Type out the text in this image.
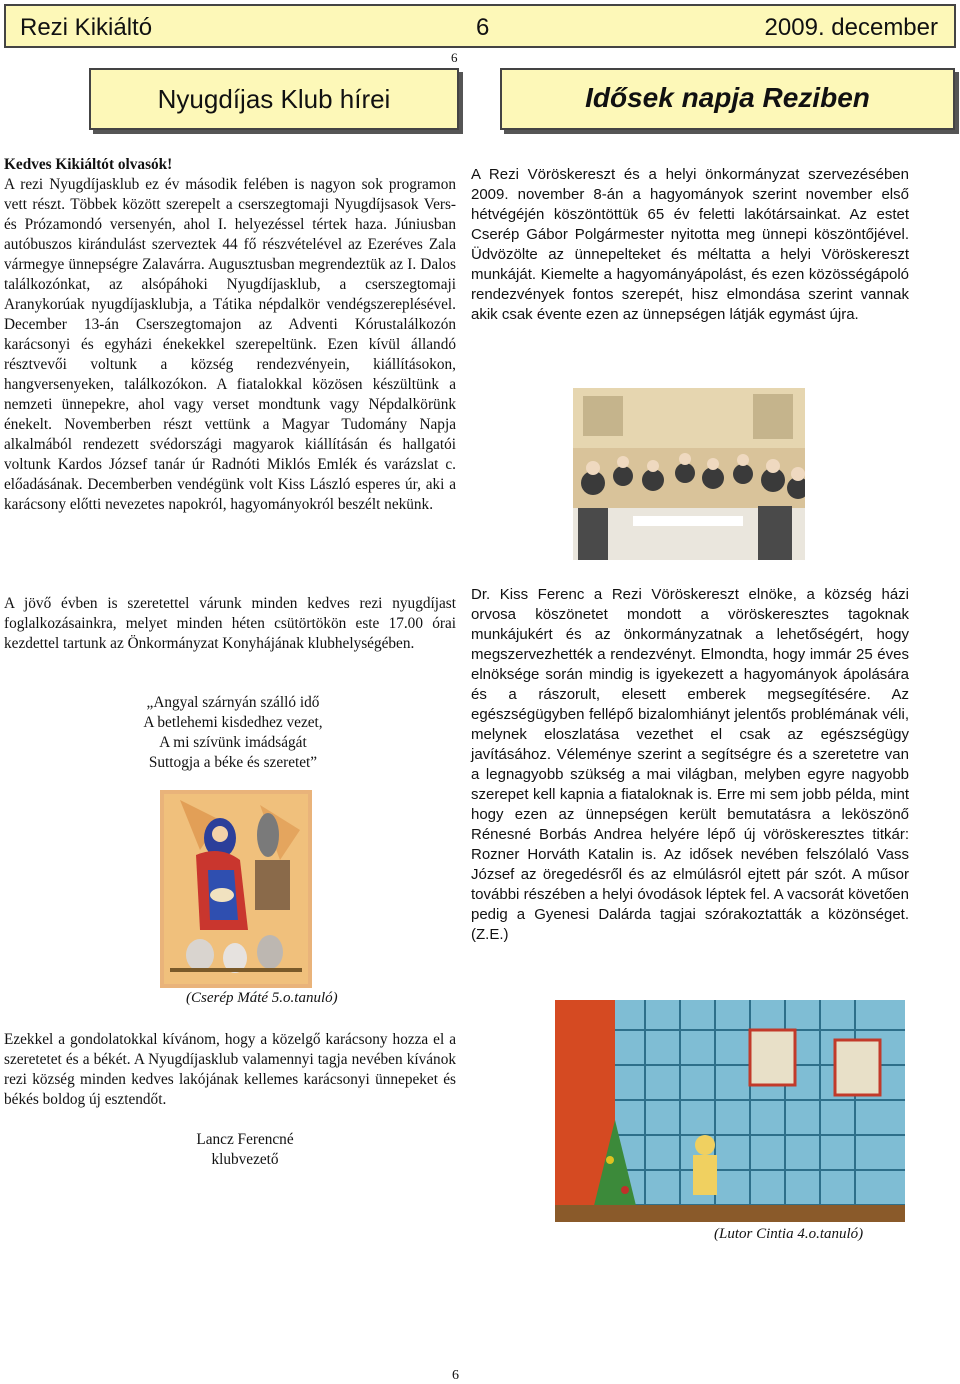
Rezi Kikiáltó	6	2009. december
6
Nyugdíjas Klub hírei	Idősek napja Reziben

Kedves Kikiáltót olvasók!

A rezi Nyugdíjasklub ez év második felében is nagyon sok programon vett részt. Többek között szerepelt a cserszegtomaji Nyugdíjsasok Vers- és Prózamondó versenyén, ahol I. helyezéssel tértek haza. Júniusban autóbuszos kirándulást szerveztek 44 fő részvételével az Ezeréves Zala vármegye ünnepségre Zalavárra. Augusztusban megrendeztük az I. Dalos találkozónkat, az alsópáhoki Nyugdíjasklub, a cserszegtomaji Aranykorúak nyugdíjasklubja, a Tátika népdalkör vendégszereplésével. December 13-án Cserszegtomajon az Adventi Kórustalálkozón karácsonyi és egyházi énekekkel szerepeltünk. Ezen kívül állandó résztvevői voltunk a község rendezvényein, kiállításokon, hangversenyeken, találkozókon. A fiatalokkal közösen készültünk a nemzeti ünnepekre, ahol vagy verset mondtunk vagy Népdalkörünk énekelt. Novemberben részt vettünk a Magyar Tudomány Napja alkalmából rendezett svédországi magyarok kiállításán és hallgatói voltunk Kardos József tanár úr Radnóti Miklós Emlék és varázslat c. előadásának. Decemberben vendégünk volt Kiss László esperes úr, aki a karácsony előtti nevezetes napokról, hagyományokról beszélt nekünk.

A jövő évben is szeretettel várunk minden kedves rezi nyugdíjast foglalkozásainkra, melyet minden héten csütörtökön este 17.00 órai kezdettel tartunk az Önkormányzat Konyhájának klubhelységében.

„Angyal szárnyán szálló idő
A betlehemi kisdedhez vezet,
A mi szívünk imádságát
Suttogja a béke és szeretet”
(Cserép Máté 5.o.tanuló)

Ezekkel a gondolatokkal kívánom, hogy a közelgő karácsony hozza el a szeretetet és a békét. A Nyugdíjasklub valamennyi tagja nevében kívánok rezi község minden kedves lakójának kellemes karácsonyi ünnepeket és békés boldog új esztendőt.

Lancz Ferencné
klubvezető

A Rezi Vöröskereszt és a helyi önkormányzat szervezésében 2009. november 8-án a hagyományok szerint november első hétvégéjén köszöntöttük 65 év feletti lakótársainkat. Az estet Cserép Gábor Polgármester nyitotta meg ünnepi köszöntőjével. Üdvözölte az ünnepelteket és méltatta a helyi Vöröskereszt munkáját. Kiemelte a hagyományápolást, és ezen közösségápoló rendezvények fontos szerepét, hisz elmondása szerint vannak akik csak évente ezen az ünnepségen látják egymást újra.

Dr. Kiss Ferenc a Rezi Vöröskereszt elnöke, a község házi orvosa köszönetet mondott a vöröskeresztes tagoknak munkájukért és az önkormányzatnak a lehetőségért, hogy megszervezhették a rendezvényt. Elmondta, hogy immár 25 éves elnöksége során mindig is igyekezett a hagyományok ápolására és a rászorult, elesett emberek megsegítésére. Az egészségügyben fellépő bizalomhiányt jelentős problémának véli, melynek eloszlatása vezethet el csak az egészségügy javításához. Véleménye szerint a segítségre és a szeretetre van a legnagyobb szükség a mai világban, melyben egyre nagyobb szerepet kell kapnia a fiataloknak is. Erre mi sem jobb példa, mint hogy ezen az ünnepségen került bemutatásra a leköszönő Rénesné Borbás Andrea helyére lépő új vöröskeresztes titkár: Rozner Horváth Katalin is. Az idősek nevében felszólaló Vass József az öregedésről és az elmúlásról ejtett pár szót. A műsor további részében a helyi óvodások léptek fel. A vacsorát követően pedig a Gyenesi Dalárda tagjai szórakoztatták a közönséget. (Z.E.)

(Lutor Cintia 4.o.tanuló)
6
